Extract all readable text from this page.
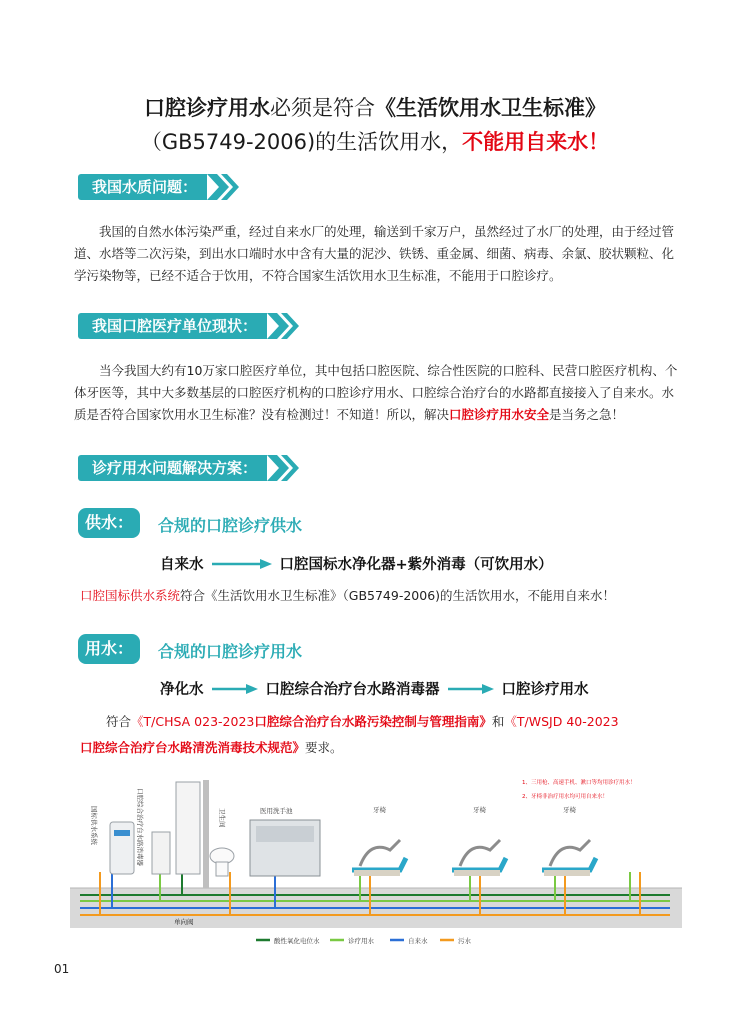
口腔诊疗用水必须是符合《生活饮用水卫生标准》
（GB5749-2006)的生活饮用水，不能用自来水！
我国水质问题：

我国的自然水体污染严重，经过自来水厂的处理，输送到千家万户，虽然经过了水厂的处理，由于经过管道、水塔等二次污染，到出水口端时水中含有大量的泥沙、铁锈、重金属、细菌、病毒、余氯、胶状颗粒、化学污染物等，已经不适合于饮用，不符合国家生活饮用水卫生标准，不能用于口腔诊疗。

我国口腔医疗单位现状：

当今我国大约有10万家口腔医疗单位，其中包括口腔医院、综合性医院的口腔科、民营口腔医疗机构、个体牙医等，其中大多数基层的口腔医疗机构的口腔诊疗用水、口腔综合治疗台的水路都直接接入了自来水。水质是否符合国家饮用水卫生标准？没有检测过！不知道！所以，解决口腔诊疗用水安全是当务之急！

诊疗用水问题解决方案：
供水：	合规的口腔诊疗供水
自来水	口腔国标水净化器+紫外消毒（可饮用水）
口腔国标供水系统符合《生活饮用水卫生标准》（GB5749-2006)的生活饮用水，不能用自来水！
用水：	合规的口腔诊疗用水
净化水	口腔综合治疗台水路消毒器	口腔诊疗用水
符合《T/CHSA 023-2023口腔综合治疗台水路污染控制与管理指南》和《T/WSJD 40-2023
口腔综合治疗台水路清洗消毒技术规范》要求。
国标供水系统	口腔综合治疗台水路消毒器	卫生间	医用洗手池	牙椅	牙椅	牙椅
1、三用枪、高速手机、漱口等均用诊疗用水！
2、牙椅非治疗用水均可用自来水！
单向阀
酸性氧化电位水	诊疗用水	自来水	污水
01
